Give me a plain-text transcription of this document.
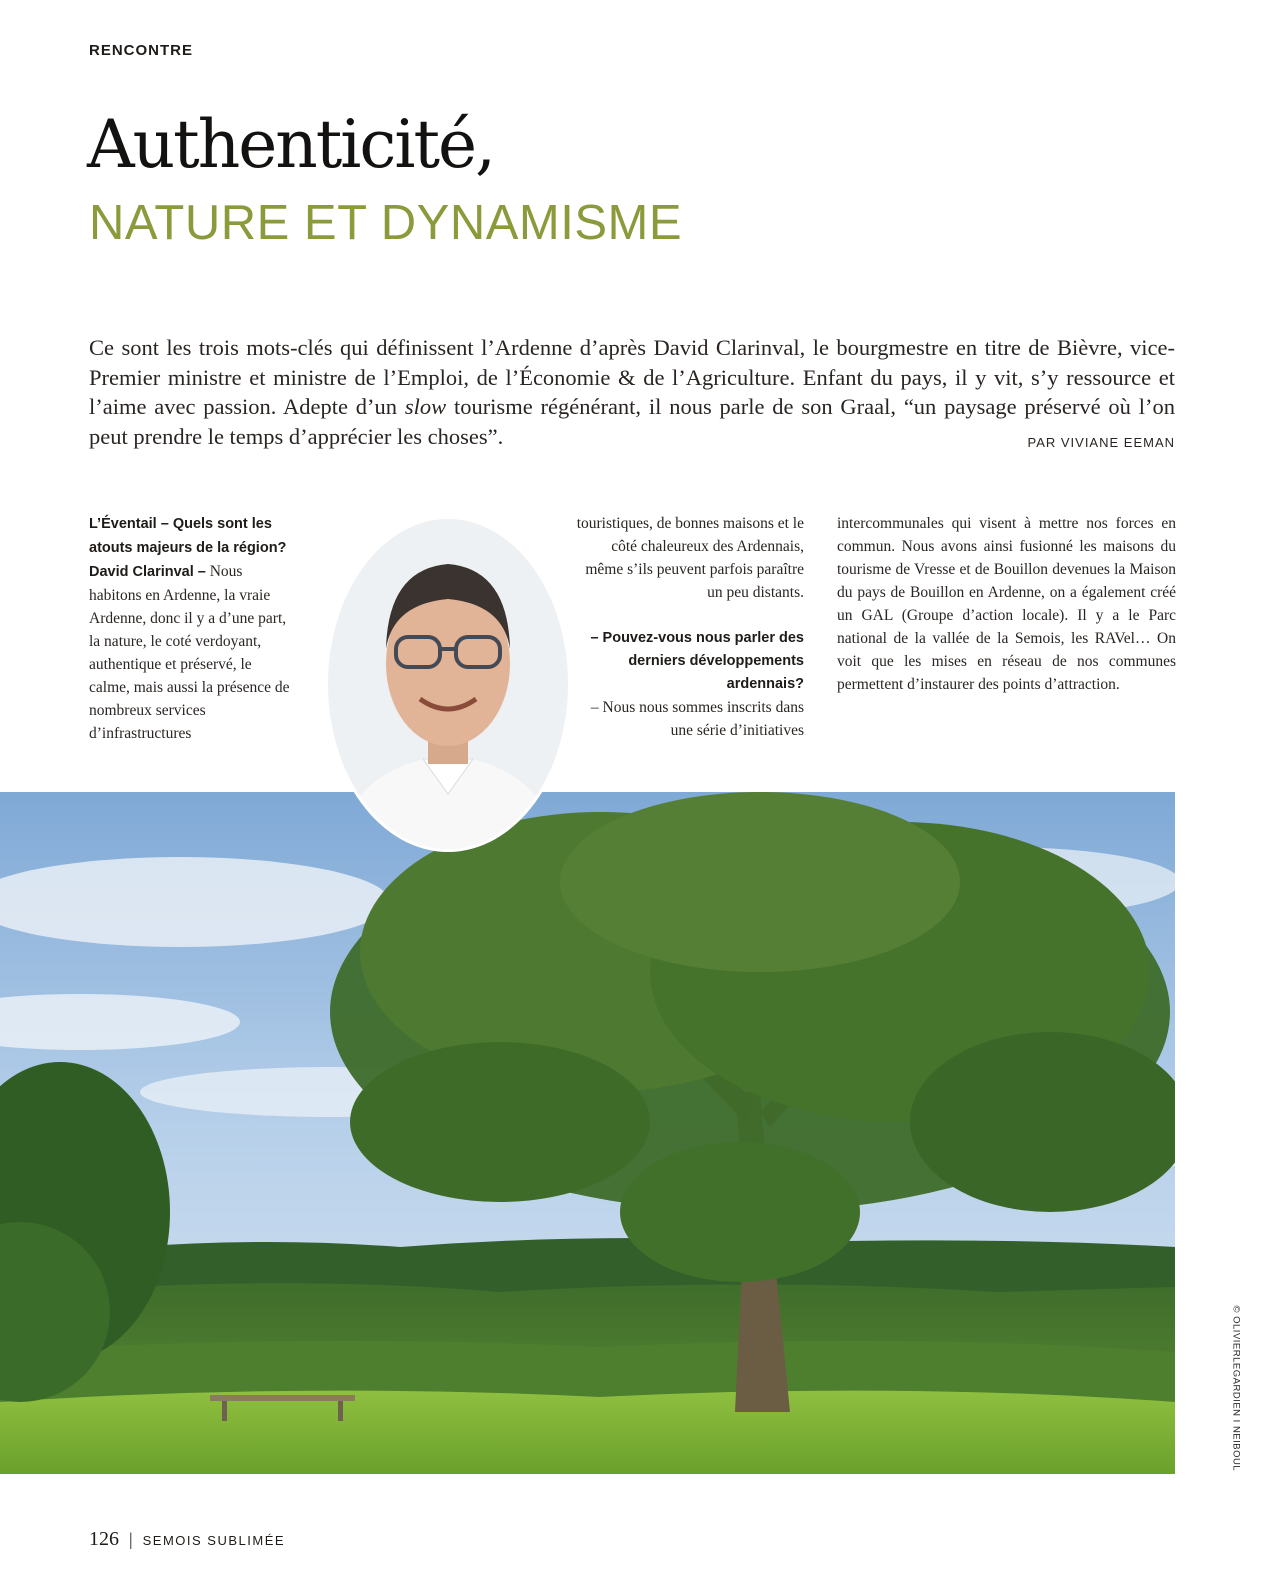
RENCONTRE
Authenticité,
NATURE ET DYNAMISME
Ce sont les trois mots-clés qui définissent l’Ardenne d’après David Clarinval, le bourgmestre en titre de Bièvre, vice-Premier ministre et ministre de l’Emploi, de l’Économie & de l’Agriculture. Enfant du pays, il y vit, s’y ressource et l’aime avec passion. Adepte d’un slow tourisme régénérant, il nous parle de son Graal, “un paysage préservé où l’on peut prendre le temps d’apprécier les choses”.	PAR VIVIANE EEMAN
L’Éventail – Quels sont les atouts majeurs de la région?
David Clarinval – Nous habitons en Ardenne, la vraie Ardenne, donc il y a d’une part, la nature, le coté verdoyant, authentique et préservé, le calme, mais aussi la présence de nombreux services d’infrastructures
touristiques, de bonnes maisons et le côté chaleureux des Ardennais, même s’ils peuvent parfois paraître un peu distants.
– Pouvez-vous nous parler des derniers développements ardennais?
– Nous nous sommes inscrits dans une série d’initiatives
intercommunales qui visent à mettre nos forces en commun. Nous avons ainsi fusionné les maisons du tourisme de Vresse et de Bouillon devenues la Maison du pays de Bouillon en Ardenne, on a également créé un GAL (Groupe d’action locale). Il y a le Parc national de la vallée de la Semois, les RAVel… On voit que les mises en réseau de nos communes permettent d’instaurer des points d’attraction.
© OLIVIERLEGARDIEN I NEIBOUL
126 | SEMOIS SUBLIMÉE
